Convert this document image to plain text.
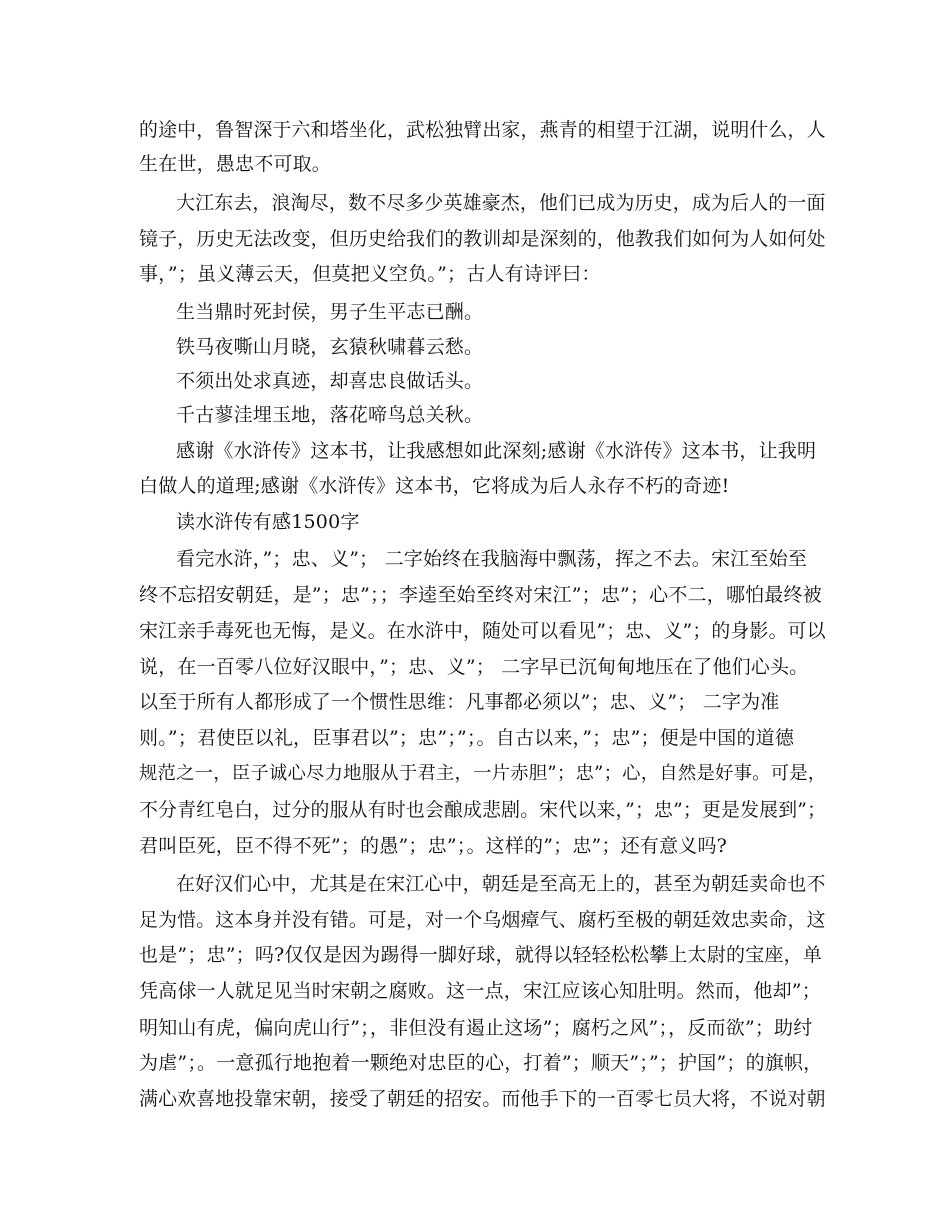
的途中，鲁智深于六和塔坐化，武松独臂出家，燕青的相望于江湖，说明什么，人
生在世，愚忠不可取。
大江东去，浪淘尽，数不尽多少英雄豪杰，他们已成为历史，成为后人的一面
镜子，历史无法改变，但历史给我们的教训却是深刻的，他教我们如何为人如何处
事，”；虽义薄云天，但莫把义空负。”；古人有诗评曰：
生当鼎时死封侯，男子生平志已酬。
铁马夜嘶山月晓，玄猿秋啸暮云愁。
不须出处求真迹，却喜忠良做话头。
千古蓼洼埋玉地，落花啼鸟总关秋。
感谢《水浒传》这本书，让我感想如此深刻;感谢《水浒传》这本书，让我明
白做人的道理;感谢《水浒传》这本书，它将成为后人永存不朽的奇迹!
读水浒传有感1500字
看完水浒，”；忠、义”； 二字始终在我脑海中飘荡，挥之不去。宋江至始至
终不忘招安朝廷，是”；忠”；；李逵至始至终对宋江”；忠”；心不二，哪怕最终被
宋江亲手毒死也无悔，是义。在水浒中，随处可以看见”；忠、义”；的身影。可以
说，在一百零八位好汉眼中，”；忠、义”； 二字早已沉甸甸地压在了他们心头。
以至于所有人都形成了一个惯性思维：凡事都必须以”；忠、义”； 二字为准
则。”；君使臣以礼，臣事君以”；忠”；”；。自古以来，”；忠”；便是中国的道德
规范之一，臣子诚心尽力地服从于君主，一片赤胆”；忠”；心，自然是好事。可是，
不分青红皂白，过分的服从有时也会酿成悲剧。宋代以来，”；忠”；更是发展到”；
君叫臣死，臣不得不死”；的愚”；忠”；。这样的”；忠”；还有意义吗?
在好汉们心中，尤其是在宋江心中，朝廷是至高无上的，甚至为朝廷卖命也不
足为惜。这本身并没有错。可是，对一个乌烟瘴气、腐朽至极的朝廷效忠卖命，这
也是”；忠”；吗?仅仅是因为踢得一脚好球，就得以轻轻松松攀上太尉的宝座，单
凭高俅一人就足见当时宋朝之腐败。这一点，宋江应该心知肚明。然而，他却”；
明知山有虎，偏向虎山行”；，非但没有遏止这场”；腐朽之风”；，反而欲”；助纣
为虐”；。一意孤行地抱着一颗绝对忠臣的心，打着”；顺天”；”；护国”；的旗帜，
满心欢喜地投靠宋朝，接受了朝廷的招安。而他手下的一百零七员大将，不说对朝
